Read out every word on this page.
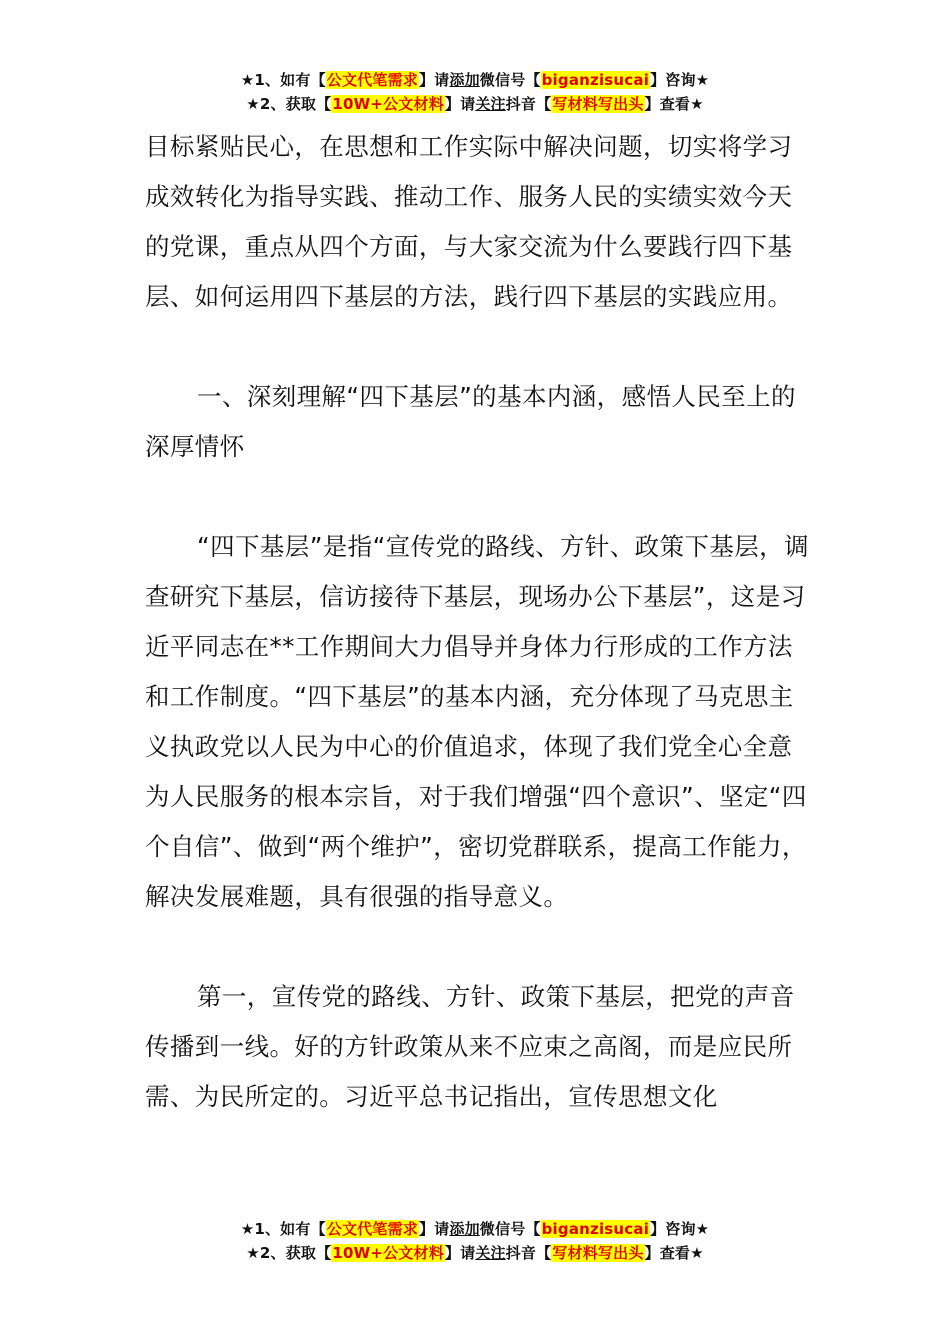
★1、如有【公文代笔需求】请添加微信号【biganzisucai】咨询★
★2、获取【10W+公文材料】请关注抖音【写材料写出头】查看★

目标紧贴民心，在思想和工作实际中解决问题，切实将学习成效转化为指导实践、推动工作、服务人民的实绩实效今天的党课，重点从四个方面，与大家交流为什么要践行四下基层、如何运用四下基层的方法，践行四下基层的实践应用。

一、深刻理解“四下基层”的基本内涵，感悟人民至上的深厚情怀

“四下基层”是指“宣传党的路线、方针、政策下基层，调查研究下基层，信访接待下基层，现场办公下基层”，这是习近平同志在**工作期间大力倡导并身体力行形成的工作方法和工作制度。“四下基层”的基本内涵，充分体现了马克思主义执政党以人民为中心的价值追求，体现了我们党全心全意为人民服务的根本宗旨，对于我们增强“四个意识”、坚定“四个自信”、做到“两个维护”，密切党群联系，提高工作能力，解决发展难题，具有很强的指导意义。

第一，宣传党的路线、方针、政策下基层，把党的声音传播到一线。好的方针政策从来不应束之高阁，而是应民所需、为民所定的。习近平总书记指出，宣传思想文化

★1、如有【公文代笔需求】请添加微信号【biganzisucai】咨询★
★2、获取【10W+公文材料】请关注抖音【写材料写出头】查看★
